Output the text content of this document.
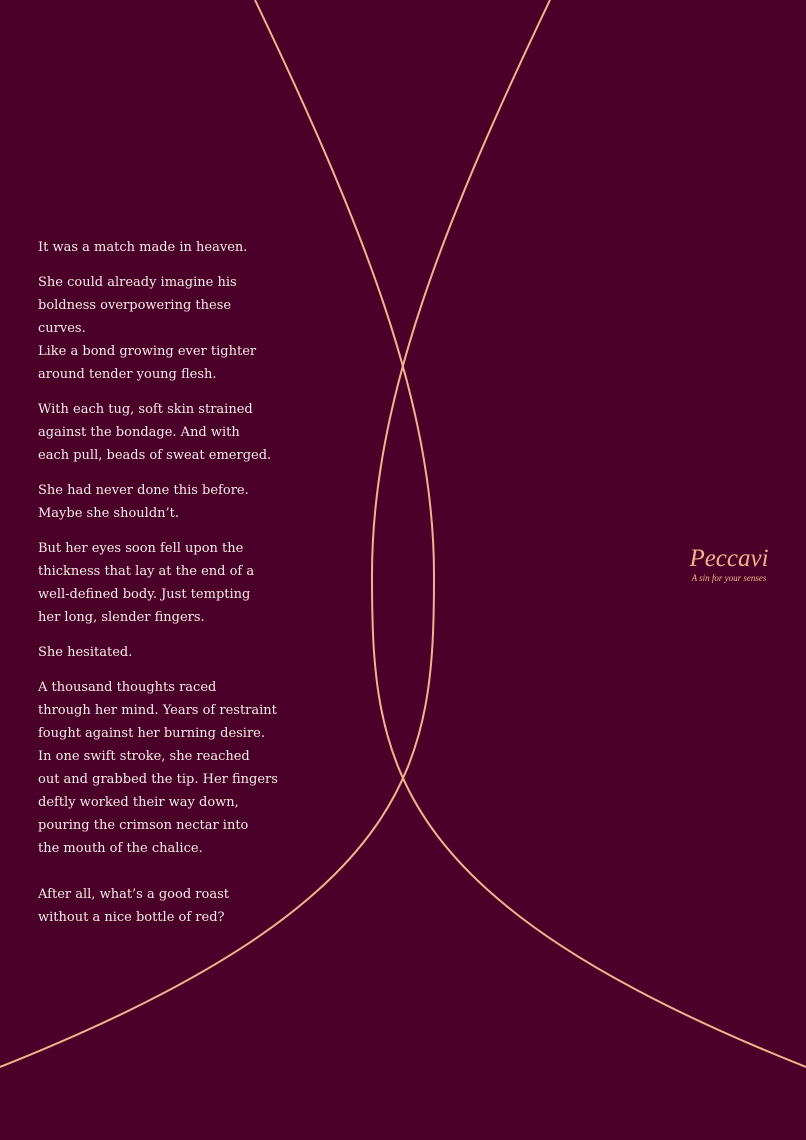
It was a match made in heaven.

She could already imagine his
boldness overpowering these curves.
Like a bond growing ever tighter
around tender young flesh.

With each tug, soft skin strained
against the bondage. And with
each pull, beads of sweat emerged.

She had never done this before.
Maybe she shouldn’t.

But her eyes soon fell upon the
thickness that lay at the end of a
well-defined body. Just tempting
her long, slender fingers.

She hesitated.

A thousand thoughts raced
through her mind. Years of restraint
fought against her burning desire.
In one swift stroke, she reached
out and grabbed the tip. Her fingers
deftly worked their way down,
pouring the crimson nectar into
the mouth of the chalice.

After all, what’s a good roast
without a nice bottle of red?

Peccavi
A sin for your senses
